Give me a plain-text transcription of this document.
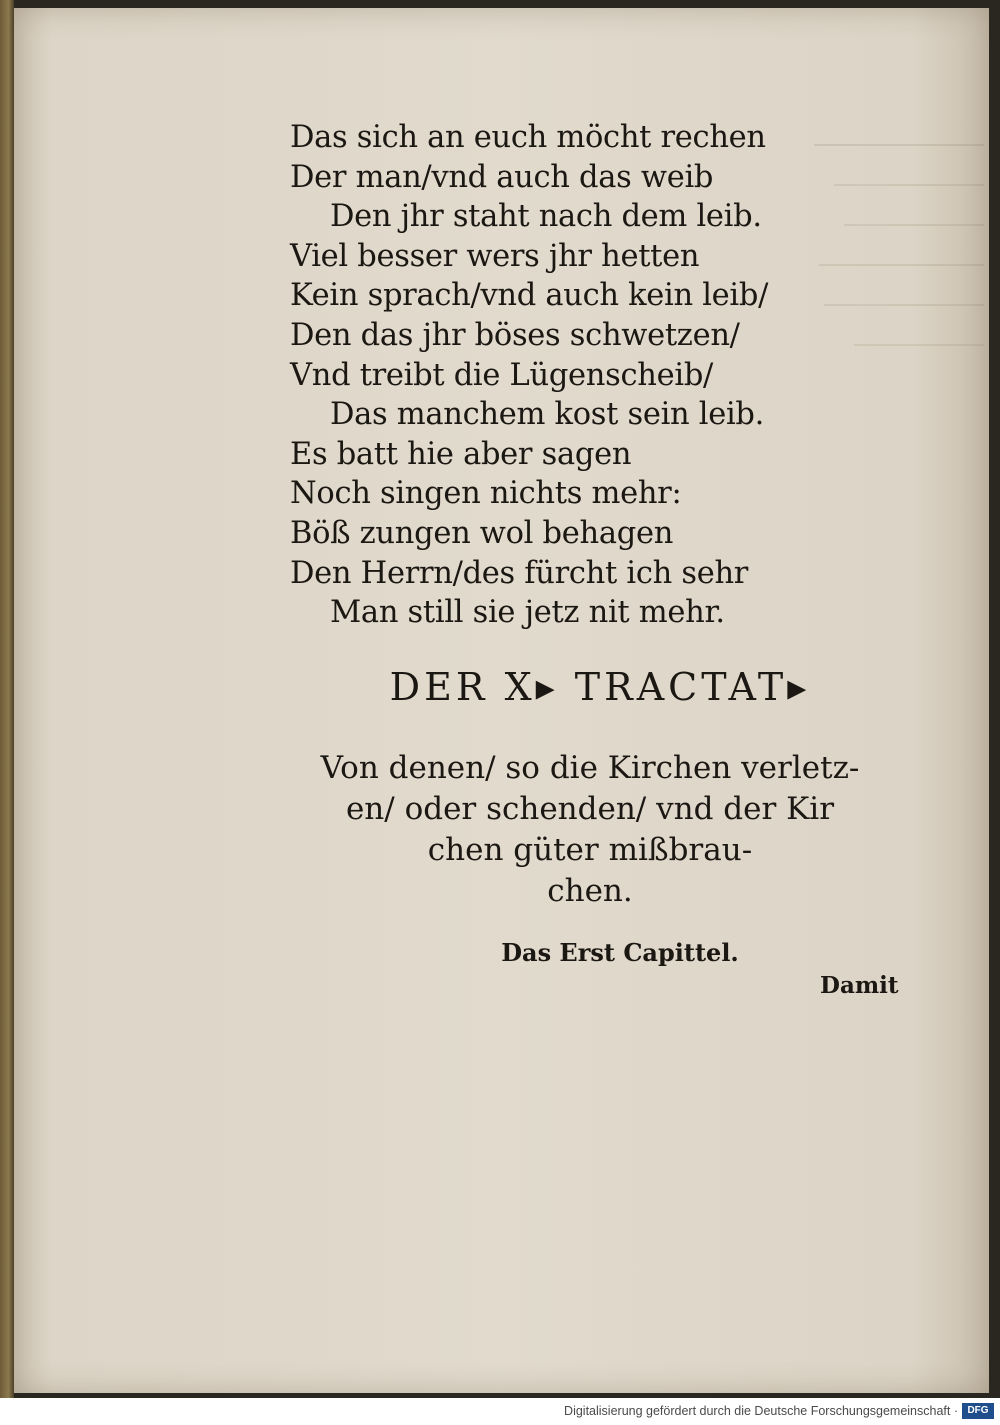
Das sich an euch möcht rechen
Der man/vnd auch das weib
Den jhr staht nach dem leib.
Viel besser wers jhr hetten
Kein sprach/vnd auch kein leib/
Den das jhr böses schwetzen/
Vnd treibt die Lügenscheib/
Das manchem kost sein leib.
Es batt hie aber sagen
Noch singen nichts mehr:
Böß zungen wol behagen
Den Herrn/des fürcht ich sehr
Man still sie jetz nit mehr.
DER X▸ TRACTAT▸
Von denen/ so die Kirchen verletz-
en/ oder schenden/ vnd der Kir
chen güter mißbrau-
chen.
Das Erst Capittel.
Damit
Digitalisierung gefördert durch die Deutsche Forschungsgemeinschaft · DFG
